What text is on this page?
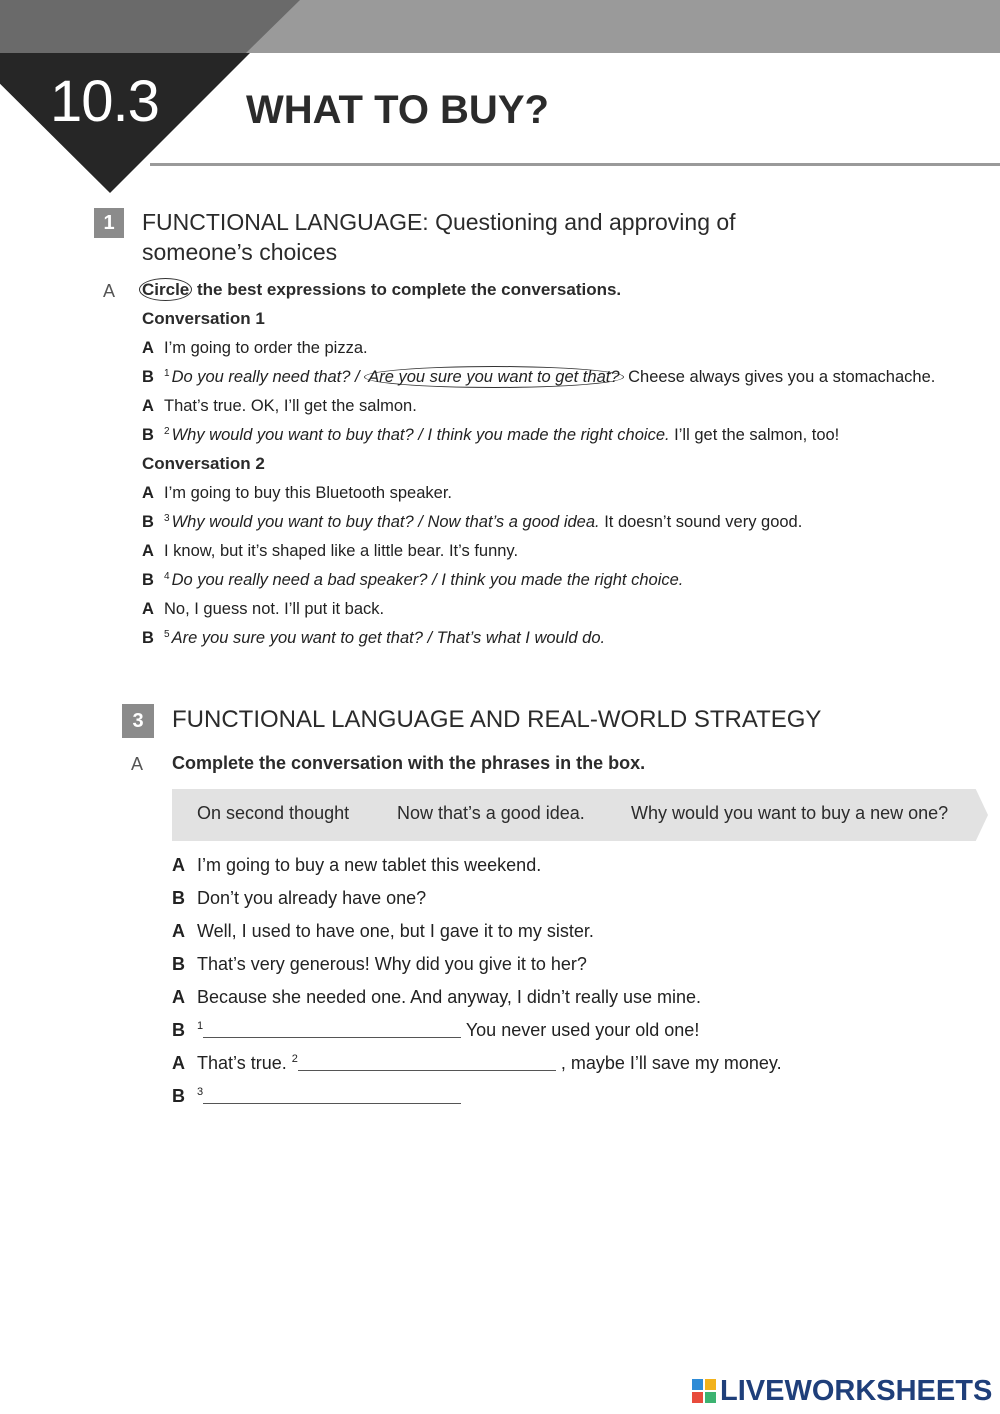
10.3 WHAT TO BUY?
1	FUNCTIONAL LANGUAGE: Questioning and approving of
someone’s choices
A Circle the best expressions to complete the conversations.
Conversation 1
A I’m going to order the pizza.
B $^1$ Do you really need that? / Are you sure you want to get that? Cheese always gives you a stomachache.
A That’s true. OK, I’ll get the salmon.
B $^2$ Why would you want to buy that? / I think you made the right choice. I’ll get the salmon, too!
Conversation 2
A I’m going to buy this Bluetooth speaker.
B $^3$ Why would you want to buy that? / Now that’s a good idea. It doesn’t sound very good.
A I know, but it’s shaped like a little bear. It’s funny.
B $^4$ Do you really need a bad speaker? / I think you made the right choice.
A No, I guess not. I’ll put it back.
B $^5$ Are you sure you want to get that? / That’s what I would do.
3	FUNCTIONAL LANGUAGE AND REAL-WORLD STRATEGY
A Complete the conversation with the phrases in the box.
On second thought	Now that’s a good idea.	Why would you want to buy a new one?
A I’m going to buy a new tablet this weekend.
B Don’t you already have one?
A Well, I used to have one, but I gave it to my sister.
B That’s very generous! Why did you give it to her?
A Because she needed one. And anyway, I didn’t really use mine.
B $^1$	You never used your old one!
A That’s true. $^2$	, maybe I’ll save my money.
B $^3$
LIVEWORKSHEETS
